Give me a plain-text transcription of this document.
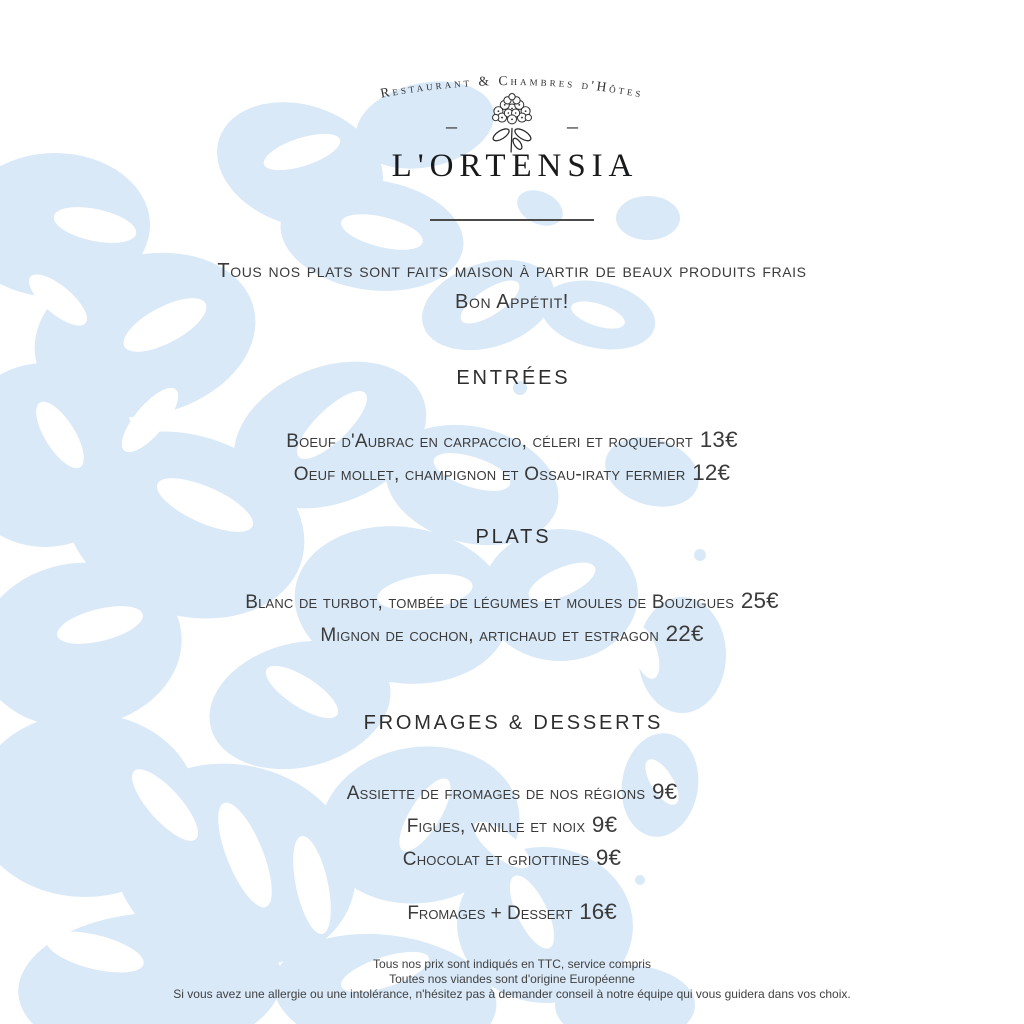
Restaurant & Chambres d'Hôtes
–	–
L'ORTENSIA
Tous nos plats sont faits maison à partir de beaux produits frais
Bon Appétit!
ENTRÉES
Boeuf d'Aubrac en carpaccio, céleri et roquefort 13€
Oeuf mollet, champignon et Ossau-iraty fermier 12€
PLATS
Blanc de turbot, tombée de légumes et moules de Bouzigues 25€
Mignon de cochon, artichaud et estragon 22€
FROMAGES & DESSERTS
Assiette de fromages de nos régions 9€
Figues, vanille et noix 9€
Chocolat et griottines 9€
Fromages + Dessert 16€
Tous nos prix sont indiqués en TTC, service compris
Toutes nos viandes sont d'origine Européenne
Si vous avez une allergie ou une intolérance, n'hésitez pas à demander conseil à notre équipe qui vous guidera dans vos choix.
